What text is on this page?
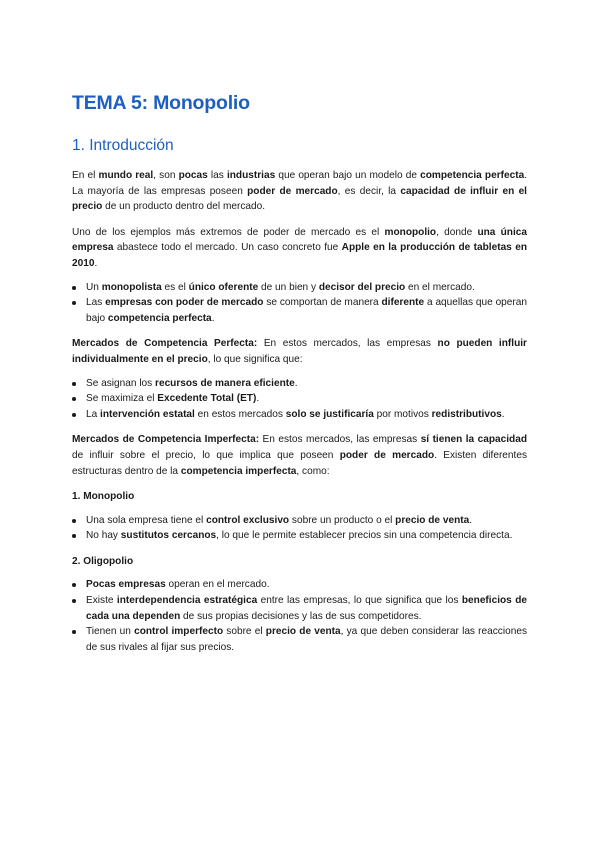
TEMA 5: Monopolio
1. Introducción

En el mundo real, son pocas las industrias que operan bajo un modelo de competencia perfecta. La mayoría de las empresas poseen poder de mercado, es decir, la capacidad de influir en el precio de un producto dentro del mercado.

Uno de los ejemplos más extremos de poder de mercado es el monopolio, donde una única empresa abastece todo el mercado. Un caso concreto fue Apple en la producción de tabletas en 2010.

Un monopolista es el único oferente de un bien y decisor del precio en el mercado.
Las empresas con poder de mercado se comportan de manera diferente a aquellas que operan bajo competencia perfecta.

Mercados de Competencia Perfecta: En estos mercados, las empresas no pueden influir individualmente en el precio, lo que significa que:

Se asignan los recursos de manera eficiente.
Se maximiza el Excedente Total (ET).
La intervención estatal en estos mercados solo se justificaría por motivos redistributivos.

Mercados de Competencia Imperfecta: En estos mercados, las empresas sí tienen la capacidad de influir sobre el precio, lo que implica que poseen poder de mercado. Existen diferentes estructuras dentro de la competencia imperfecta, como:

1. Monopolio
Una sola empresa tiene el control exclusivo sobre un producto o el precio de venta.
No hay sustitutos cercanos, lo que le permite establecer precios sin una competencia directa.
2. Oligopolio
Pocas empresas operan en el mercado.
Existe interdependencia estratégica entre las empresas, lo que significa que los beneficios de cada una dependen de sus propias decisiones y las de sus competidores.
Tienen un control imperfecto sobre el precio de venta, ya que deben considerar las reacciones de sus rivales al fijar sus precios.
